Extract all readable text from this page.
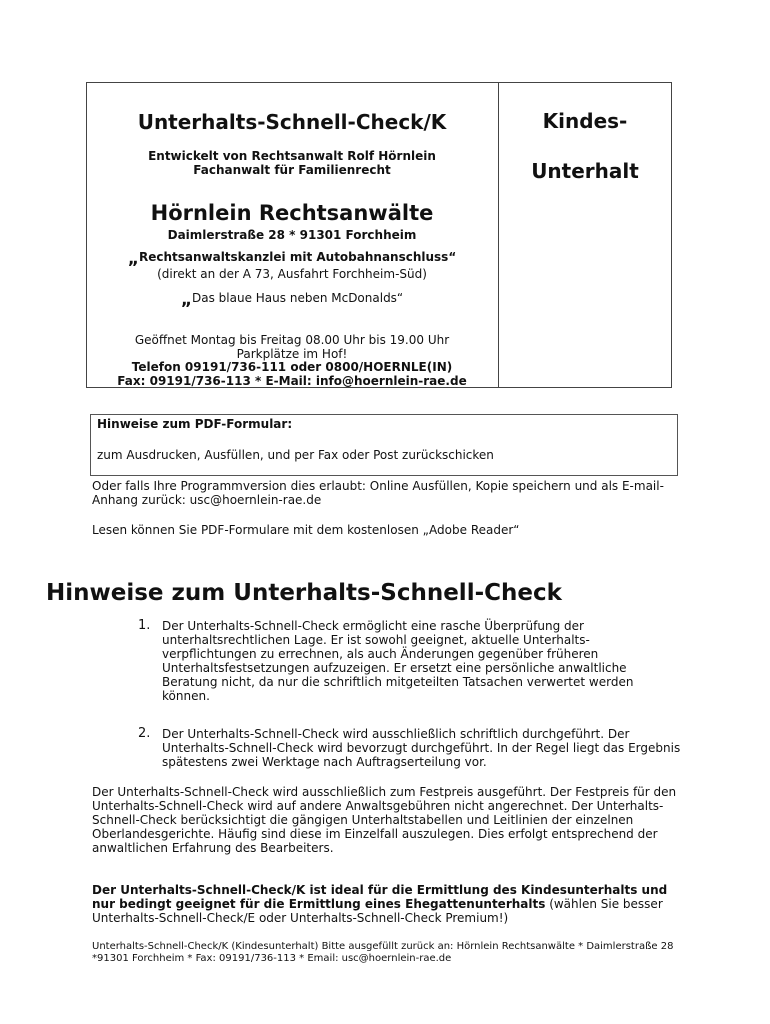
Unterhalts-Schnell-Check/K
Entwickelt von Rechtsanwalt Rolf Hörnlein
Fachanwalt für Familienrecht
Hörnlein Rechtsanwälte
Daimlerstraße 28 * 91301 Forchheim
„Rechtsanwaltskanzlei mit Autobahnanschluss“
(direkt an der A 73, Ausfahrt Forchheim-Süd)
„Das blaue Haus neben McDonalds“
Geöffnet Montag bis Freitag 08.00 Uhr bis 19.00 Uhr
Parkplätze im Hof!
Telefon 09191/736-111 oder 0800/HOERNLE(IN)
Fax: 09191/736-113 * E-Mail: info@hoernlein-rae.de
Kindes-
Unterhalt
Hinweise zum PDF-Formular:
zum Ausdrucken, Ausfüllen, und per Fax oder Post zurückschicken
Oder falls Ihre Programmversion dies erlaubt: Online Ausfüllen, Kopie speichern und als E-mail-Anhang zurück: usc@hoernlein-rae.de
Lesen können Sie PDF-Formulare mit dem kostenlosen „Adobe Reader“
Hinweise zum Unterhalts-Schnell-Check
1. Der Unterhalts-Schnell-Check ermöglicht eine rasche Überprüfung der unterhaltsrechtlichen Lage. Er ist sowohl geeignet, aktuelle Unterhalts-verpflichtungen zu errechnen, als auch Änderungen gegenüber früheren Unterhaltsfestsetzungen aufzuzeigen. Er ersetzt eine persönliche anwaltliche Beratung nicht, da nur die schriftlich mitgeteilten Tatsachen verwertet werden können.
2. Der Unterhalts-Schnell-Check wird ausschließlich schriftlich durchgeführt. Der Unterhalts-Schnell-Check wird bevorzugt durchgeführt. In der Regel liegt das Ergebnis spätestens zwei Werktage nach Auftragserteilung vor.
Der Unterhalts-Schnell-Check wird ausschließlich zum Festpreis ausgeführt. Der Festpreis für den Unterhalts-Schnell-Check wird auf andere Anwaltsgebühren nicht angerechnet. Der Unterhalts-Schnell-Check berücksichtigt die gängigen Unterhaltstabellen und Leitlinien der einzelnen Oberlandesgerichte. Häufig sind diese im Einzelfall auszulegen. Dies erfolgt entsprechend der anwaltlichen Erfahrung des Bearbeiters.
Der Unterhalts-Schnell-Check/K ist ideal für die Ermittlung des Kindesunterhalts und nur bedingt geeignet für die Ermittlung eines Ehegattenunterhalts (wählen Sie besser Unterhalts-Schnell-Check/E oder Unterhalts-Schnell-Check Premium!)
Unterhalts-Schnell-Check/K (Kindesunterhalt) Bitte ausgefüllt zurück an: Hörnlein Rechtsanwälte * Daimlerstraße 28 *91301 Forchheim * Fax: 09191/736-113 * Email: usc@hoernlein-rae.de
